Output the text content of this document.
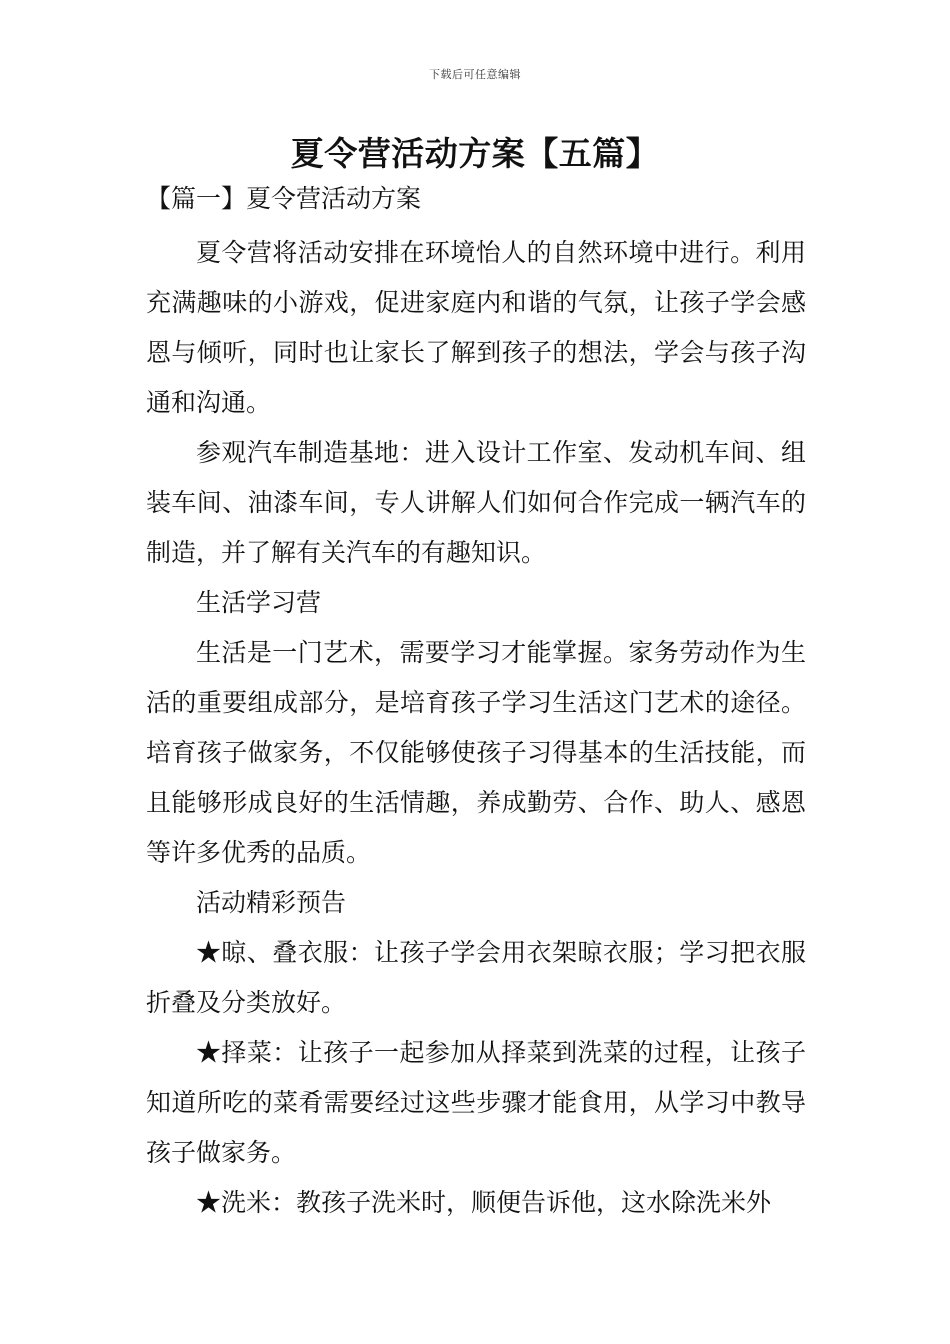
下载后可任意编辑
夏令营活动方案【五篇】
【篇一】夏令营活动方案

夏令营将活动安排在环境怡人的自然环境中进行。利用充满趣味的小游戏，促进家庭内和谐的气氛，让孩子学会感恩与倾听，同时也让家长了解到孩子的想法，学会与孩子沟通和沟通。

参观汽车制造基地：进入设计工作室、发动机车间、组装车间、油漆车间，专人讲解人们如何合作完成一辆汽车的制造，并了解有关汽车的有趣知识。

生活学习营

生活是一门艺术，需要学习才能掌握。家务劳动作为生活的重要组成部分，是培育孩子学习生活这门艺术的途径。培育孩子做家务，不仅能够使孩子习得基本的生活技能，而且能够形成良好的生活情趣，养成勤劳、合作、助人、感恩等许多优秀的品质。

活动精彩预告

★晾、叠衣服：让孩子学会用衣架晾衣服；学习把衣服折叠及分类放好。

★择菜：让孩子一起参加从择菜到洗菜的过程，让孩子知道所吃的菜肴需要经过这些步骤才能食用，从学习中教导孩子做家务。

★洗米：教孩子洗米时，顺便告诉他，这水除洗米外
